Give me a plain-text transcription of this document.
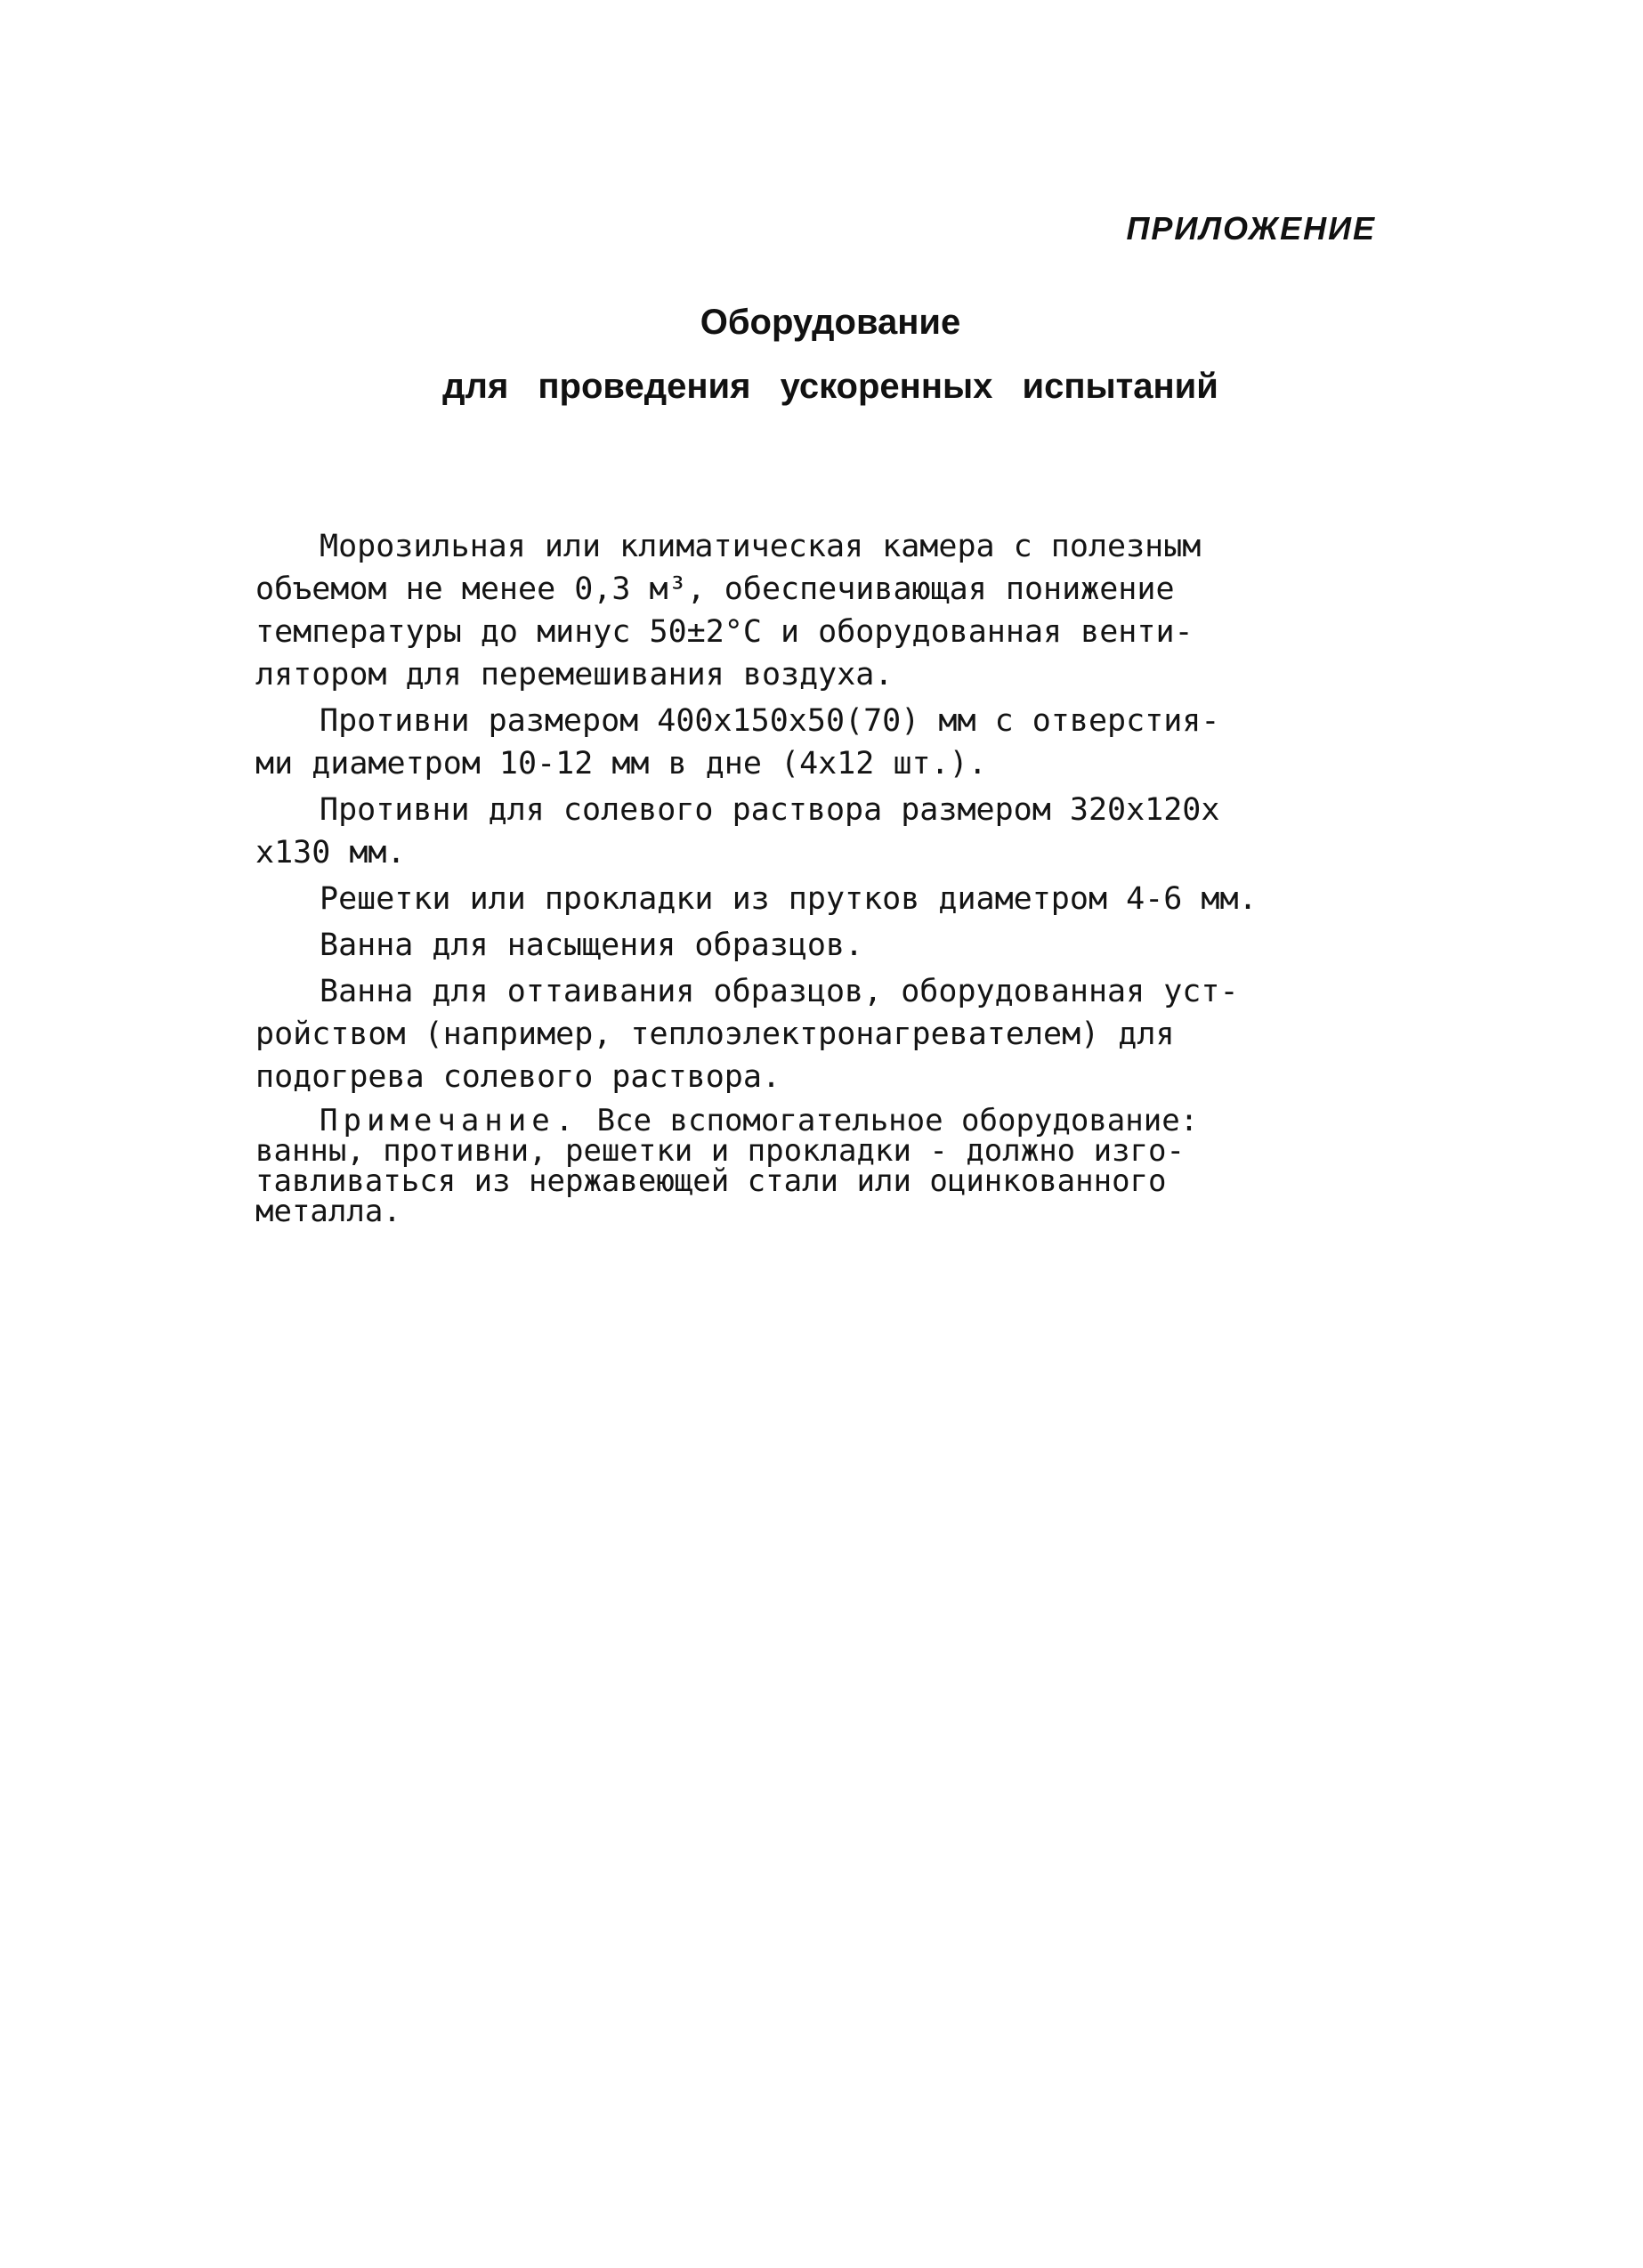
ПРИЛОЖЕНИЕ
Оборудование
для проведения ускоренных испытаний
Морозильная или климатическая камера с полезным
объемом не менее 0,3 м³, обеспечивающая понижение
температуры до минус 50±2°С и оборудованная венти-
лятором для перемешивания воздуха.
Противни размером 400x150x50(70) мм с отверстия-
ми диаметром 10-12 мм в дне (4x12 шт.).
Противни для солевого раствора размером 320x120x
x130 мм.
Решетки или прокладки из прутков диаметром 4-6 мм.
Ванна для насыщения образцов.
Ванна для оттаивания образцов, оборудованная уст-
ройством (например, теплоэлектронагревателем) для
подогрева солевого раствора.
Примечание. Все вспомогательное оборудование:
ванны, противни, решетки и прокладки - должно изго-
тавливаться из нержавеющей стали или оцинкованного
металла.
